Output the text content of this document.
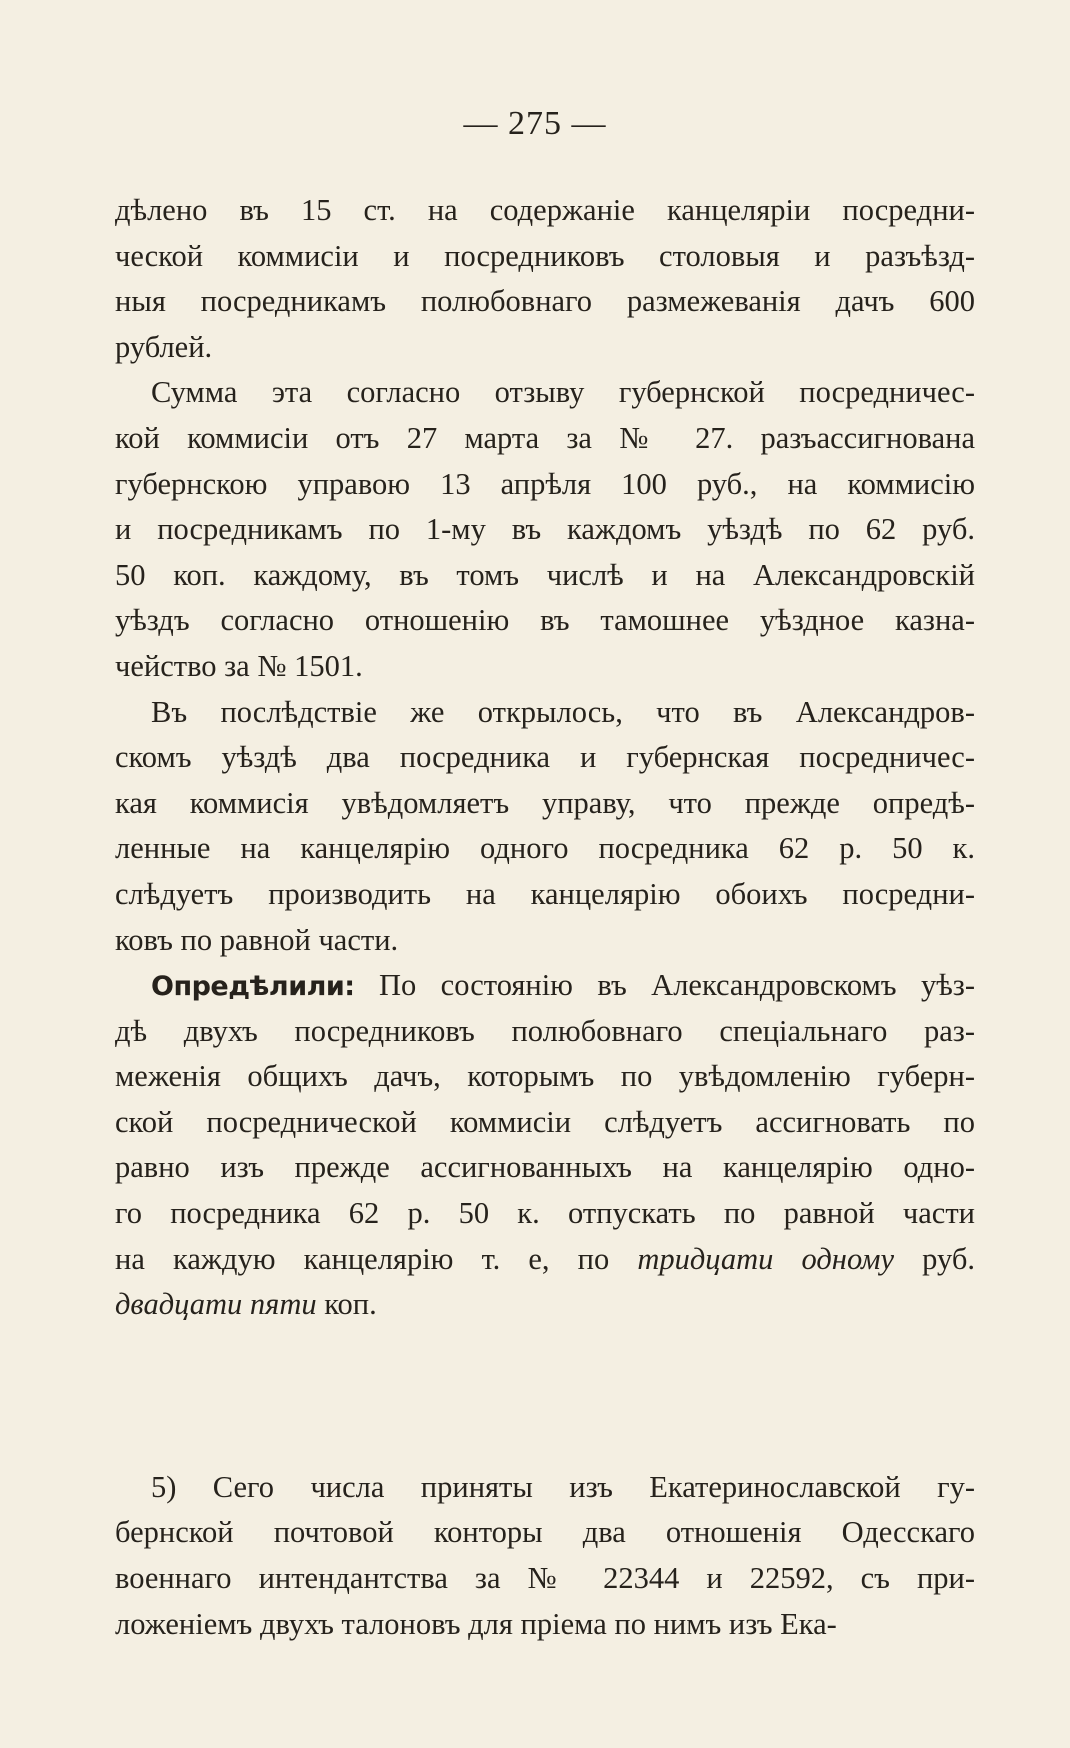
— 275 —
дѣлено въ 15 ст. на содержаніе канцеляріи посредни-
ческой коммисіи и посредниковъ столовыя и разъѣзд-
ныя посредникамъ полюбовнаго размежеванія дачъ 600
рублей.
Сумма эта согласно отзыву губернской посредничес-
кой коммисіи отъ 27 марта за № 27. разъассигнована
губернскою управою 13 апрѣля 100 руб., на коммисію
и посредникамъ по 1-му въ каждомъ уѣздѣ по 62 руб.
50 коп. каждому, въ томъ числѣ и на Александровскій
уѣздъ согласно отношенію въ тамошнее уѣздное казна-
чейство за № 1501.
Въ послѣдствіе же открылось, что въ Александров-
скомъ уѣздѣ два посредника и губернская посредничес-
кая коммисія увѣдомляетъ управу, что прежде опредѣ-
ленные на канцелярію одного посредника 62 р. 50 к.
слѣдуетъ производить на канцелярію обоихъ посредни-
ковъ по равной части.
Опредѣлили: По состоянію въ Александровскомъ уѣз-
дѣ двухъ посредниковъ полюбовнаго спеціальнаго раз-
меженія общихъ дачъ, которымъ по увѣдомленію губерн-
ской посреднической коммисіи слѣдуетъ ассигновать по
равно изъ прежде ассигнованныхъ на канцелярію одно-
го посредника 62 р. 50 к. отпускать по равной части
на каждую канцелярію т. е, по тридцати одному руб.
двадцати пяти коп.
5) Сего числа приняты изъ Екатеринославской гу-
бернской почтовой конторы два отношенія Одесскаго
военнаго интендантства за № 22344 и 22592, съ при-
ложеніемъ двухъ талоновъ для пріема по нимъ изъ Ека-
